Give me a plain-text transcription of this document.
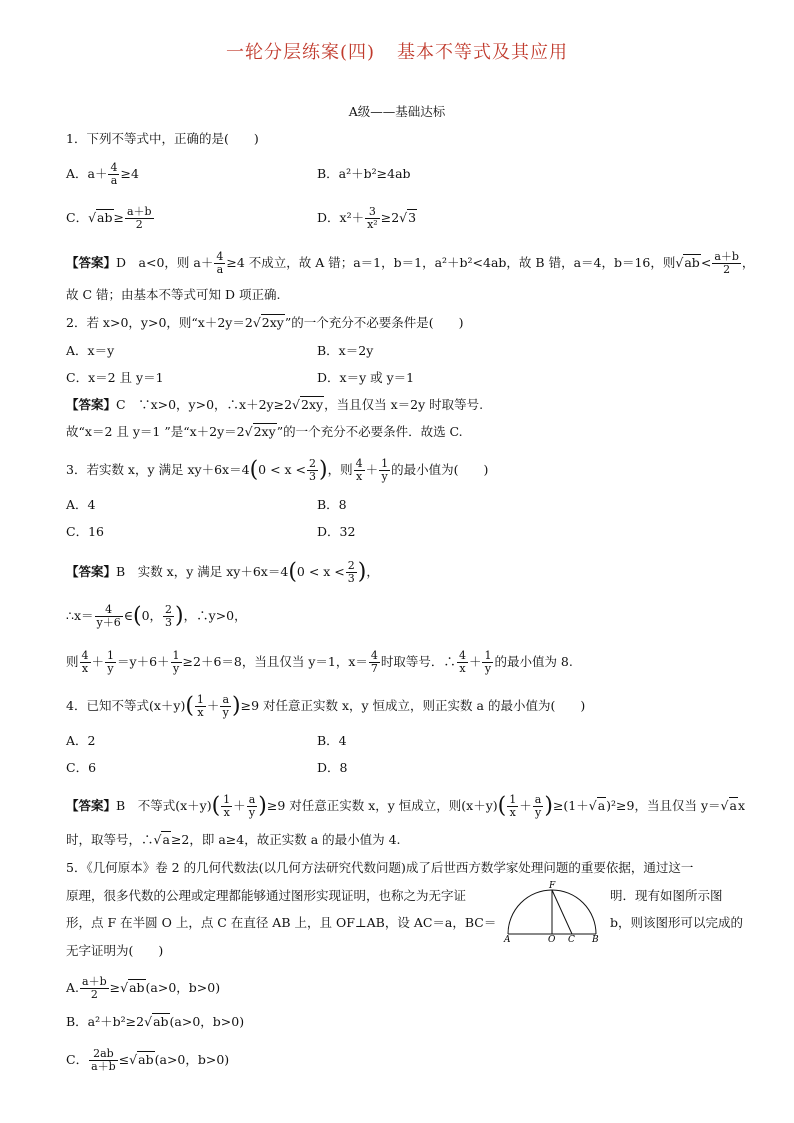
一轮分层练案(四) 基本不等式及其应用
A级——基础达标
1．下列不等式中，正确的是(　　)
A．$a+ \frac{4}{a} \ge 4$	B．a²＋b²≥4ab
C．$√ab\ge \frac{a+b}{2}$	D．$x^2+ \frac{3}{\text{x²}} \ge 2√3$
【答案】D　a<0，则 $a+ \frac{4}{a} \ge 4$ 不成立，故 A 错；a＝1，b＝1，a²＋b²<4ab，故 B 错，a＝4，b＝16，则$√ab< \frac{a+b}{2}$ ，
故 C 错；由基本不等式可知 D 项正确.
2．若 x>0，y>0，则“x＋2y＝2√2xy”的一个充分不必要条件是(　　)
A．x＝y	B．x＝2y
C．x＝2 且 y＝1	D．x＝y 或 y＝1
【答案】C　∵x>0，y>0，∴x＋2y≥2√2xy，当且仅当 x＝2y 时取等号.
故“x＝2 且 y＝1 ”是“x＋2y＝2√2xy”的一个充分不必要条件．故选 C.
3．若实数 x，y 满足 $xy+6x=4(0 < x < \frac{2}{3}$ )，则 $\frac{4}{x} + \frac{1}{y}$ 的最小值为(　　)
A．4	B．8
C．16	D．32
【答案】B　实数 x，y 满足 $xy+6x=4(0 < x < \frac{2}{3}$ )，
∴x＝ $\frac{4}{y+6}$ ∈(0， $\frac{2}{3}$ )，∴y>0，
则 $\frac{4}{x} + \frac{1}{y} =y+6+ \frac{1}{y} \ge 2+6=8$，当且仅当 y＝1，$x= \frac{4}{7}$ 时取等号．∴ $\frac{4}{x} + \frac{1}{y}$ 的最小值为 8.
4．已知不等式$(x+y)( \frac{1}{x} + \frac{a}{y} )\ge 9$ 对任意正实数 x，y 恒成立，则正实数 a 的最小值为(　　)
A．2	B．4
C．6	D．8
【答案】B　不等式$(x+y)( \frac{1}{x} + \frac{a}{y} )\ge 9$ 对任意正实数 x，y 恒成立，则$(x+y)( \frac{1}{x} + \frac{a}{y} )\ge(1+√a)^2\ge 9$，当且仅当 y＝√ax
时，取等号，∴√a≥2，即 a≥4，故正实数 a 的最小值为 4.
5．《几何原本》卷 2 的几何代数法(以几何方法研究代数问题)成了后世西方数学家处理问题的重要依据，通过这一
原理，很多代数的公理或定理都能够通过图形实现证明，也称之为无字证	明．现有如图所示图
形，点 F 在半圆 O 上，点 C 在直径 AB 上，且 OF⊥AB，设 AC＝a，BC＝	b，则该图形可以完成的
无字证明为(　　)
A	O C B
F
A. $\frac{a+b}{2} \ge√ab(a>0$，b>0)
B．a²＋b²≥2√ab(a>0，b>0)
C． $\frac{2ab}{a+b} \le√ab(a>0$，b>0)
